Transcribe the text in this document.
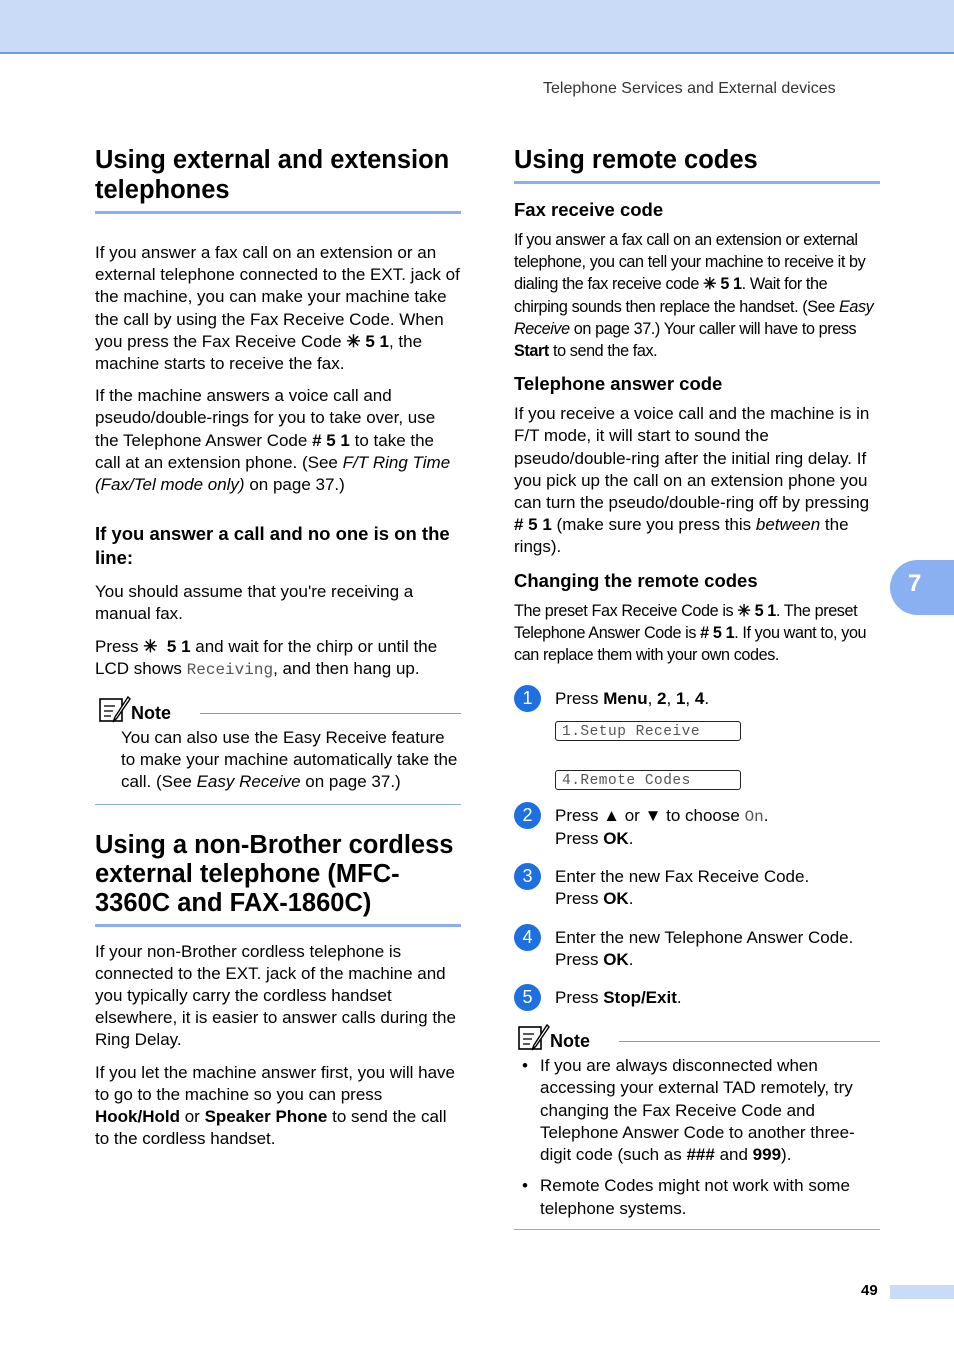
Telephone Services and External devices
Using external and extension telephones

If you answer a fax call on an extension or an external telephone connected to the EXT. jack of the machine, you can make your machine take the call by using the Fax Receive Code. When you press the Fax Receive Code ✳ 5 1, the machine starts to receive the fax.

If the machine answers a voice call and pseudo/double-rings for you to take over, use the Telephone Answer Code # 5 1 to take the call at an extension phone. (See F/T Ring Time (Fax/Tel mode only) on page 37.)

If you answer a call and no one is on the line:

You should assume that you're receiving a manual fax.

Press ✳  5 1 and wait for the chirp or until the LCD shows Receiving, and then hang up.

Note

You can also use the Easy Receive feature to make your machine automatically take the call. (See Easy Receive on page 37.)

Using a non-Brother cordless external telephone (MFC-3360C and FAX-1860C)

If your non-Brother cordless telephone is connected to the EXT. jack of the machine and you typically carry the cordless handset elsewhere, it is easier to answer calls during the Ring Delay.

If you let the machine answer first, you will have to go to the machine so you can press Hook/Hold or Speaker Phone to send the call to the cordless handset.

Using remote codes
Fax receive code

If you answer a fax call on an extension or external telephone, you can tell your machine to receive it by dialing the fax receive code ✳ 5 1. Wait for the chirping sounds then replace the handset. (See Easy Receive on page 37.) Your caller will have to press Start to send the fax.

Telephone answer code

If you receive a voice call and the machine is in F/T mode, it will start to sound the pseudo/double-ring after the initial ring delay. If you pick up the call on an extension phone you can turn the pseudo/double-ring off by pressing # 5 1 (make sure you press this between the rings).

Changing the remote codes

The preset Fax Receive Code is ✳ 5 1. The preset Telephone Answer Code is # 5 1. If you want to, you can replace them with your own codes.

1	Press Menu, 2, 1, 4.
1.Setup Receive
4.Remote Codes
2	Press ▲ or ▼ to choose On.
Press OK.
3	Enter the new Fax Receive Code.
Press OK.
4	Enter the new Telephone Answer Code.
Press OK.
5	Press Stop/Exit.
Note
• If you are always disconnected when accessing your external TAD remotely, try changing the Fax Receive Code and Telephone Answer Code to another three-digit code (such as ### and 999).
• Remote Codes might not work with some telephone systems.
7
49
